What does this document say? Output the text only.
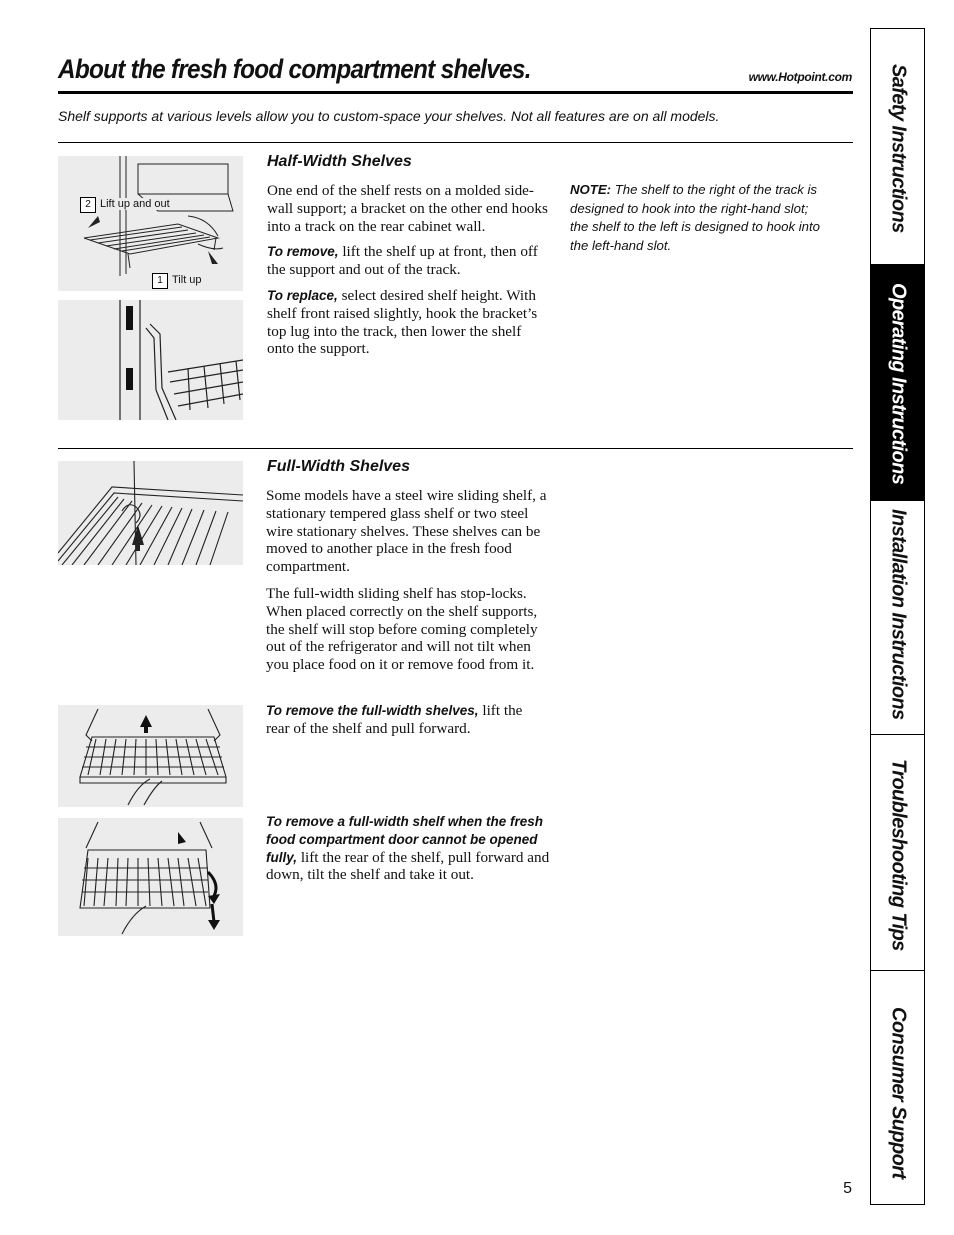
About the fresh food compartment shelves.	www.Hotpoint.com
Shelf supports at various levels allow you to custom-space your shelves. Not all features are on all models.
2 Lift up and out
1 Tilt up
Half-Width Shelves

One end of the shelf rests on a molded side-wall support; a bracket on the other end hooks into a track on the rear cabinet wall.

To remove, lift the shelf up at front, then off the support and out of the track.

To replace, select desired shelf height. With shelf front raised slightly, hook the bracket’s top lug into the track, then lower the shelf onto the support.

NOTE: The shelf to the right of the track is designed to hook into the right-hand slot; the shelf to the left is designed to hook into the left-hand slot.

Full-Width Shelves

Some models have a steel wire sliding shelf, a stationary tempered glass shelf or two steel wire stationary shelves. These shelves can be moved to another place in the fresh food compartment.

The full-width sliding shelf has stop-locks. When placed correctly on the shelf supports, the shelf will stop before coming completely out of the refrigerator and will not tilt when you place food on it or remove food from it.

To remove the full-width shelves, lift the rear of the shelf and pull forward.

To remove a full-width shelf when the fresh food compartment door cannot be opened fully, lift the rear of the shelf, pull forward and down, tilt the shelf and take it out.

Safety Instructions
Operating Instructions
Installation Instructions
Troubleshooting Tips
Consumer Support
5
